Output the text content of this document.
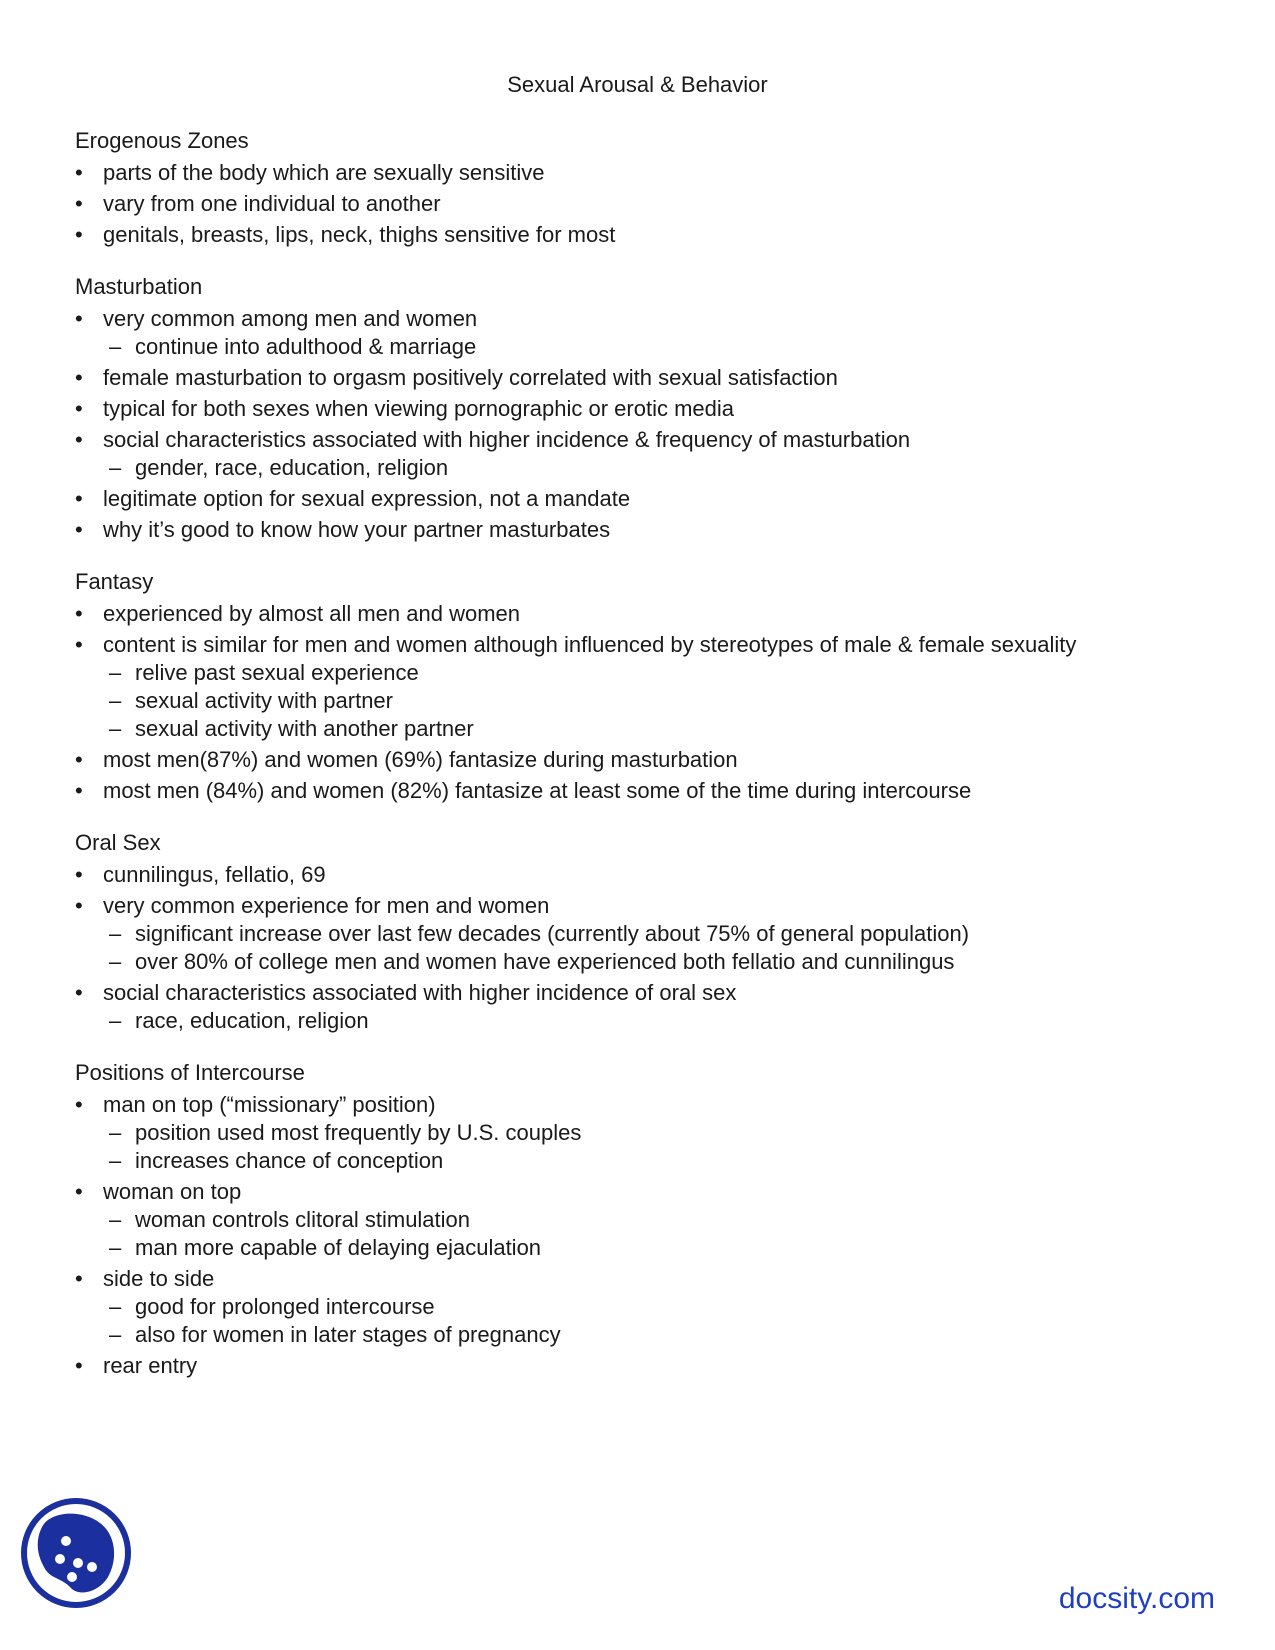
Sexual Arousal & Behavior
Erogenous Zones
• parts of the body which are sexually sensitive
• vary from one individual to another
• genitals, breasts, lips, neck, thighs sensitive for most
Masturbation
• very common among men and women
– continue into adulthood & marriage
• female masturbation to orgasm positively correlated with sexual satisfaction
• typical for both sexes when viewing pornographic or erotic media
• social characteristics associated with higher incidence & frequency of masturbation
– gender, race, education, religion
• legitimate option for sexual expression, not a mandate
• why it’s good to know how your partner masturbates
Fantasy
• experienced by almost all men and women
• content is similar for men and women although influenced by stereotypes of male & female sexuality
– relive past sexual experience
– sexual activity with partner
– sexual activity with another partner
• most men(87%) and women (69%) fantasize during masturbation
• most men (84%) and women (82%) fantasize at least some of the time during intercourse
Oral Sex
• cunnilingus, fellatio, 69
• very common experience for men and women
– significant increase over last few decades (currently about 75% of general population)
– over 80% of college men and women have experienced both fellatio and cunnilingus
• social characteristics associated with higher incidence of oral sex
– race, education, religion
Positions of Intercourse
• man on top (“missionary” position)
– position used most frequently by U.S. couples
– increases chance of conception
• woman on top
– woman controls clitoral stimulation
– man more capable of delaying ejaculation
• side to side
– good for prolonged intercourse
– also for women in later stages of pregnancy
• rear entry
docsity.com
